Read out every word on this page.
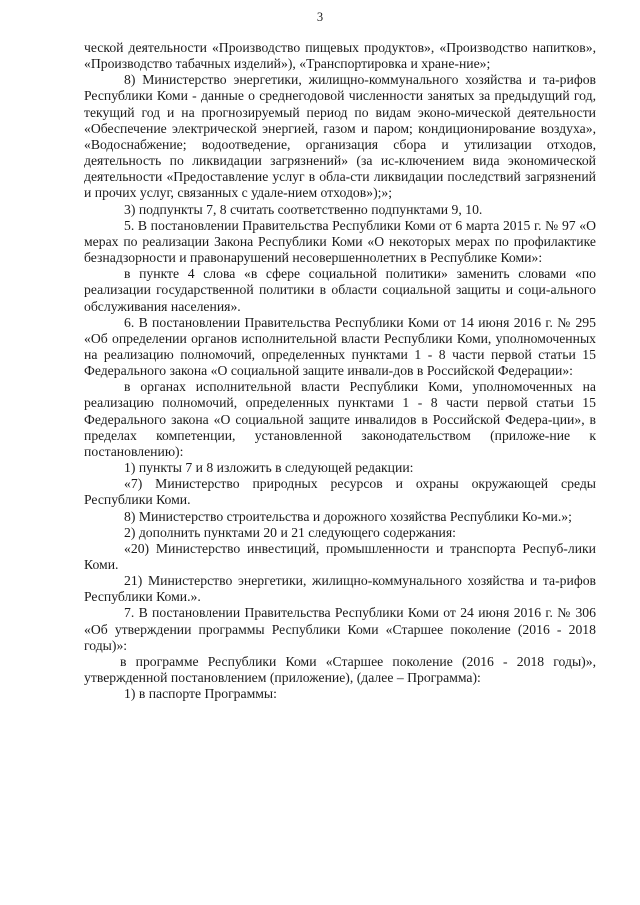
3

ческой деятельности «Производство пищевых продуктов», «Производство напитков», «Производство табачных изделий»), «Транспортировка и хране-ние»;

8) Министерство энергетики, жилищно-коммунального хозяйства и та-рифов Республики Коми - данные о среднегодовой численности занятых за предыдущий год, текущий год и на прогнозируемый период по видам эконо-мической деятельности «Обеспечение электрической энергией, газом и паром; кондиционирование воздуха», «Водоснабжение; водоотведение, организация сбора и утилизации отходов, деятельность по ликвидации загрязнений» (за ис-ключением вида экономической деятельности «Предоставление услуг в обла-сти ликвидации последствий загрязнений и прочих услуг, связанных с удале-нием отходов»);»;

3) подпункты 7, 8 считать соответственно подпунктами 9, 10.

5. В постановлении Правительства Республики Коми от 6 марта 2015 г. № 97 «О мерах по реализации Закона Республики Коми «О некоторых мерах по профилактике безнадзорности и правонарушений несовершеннолетних в Республике Коми»:

в пункте 4 слова «в сфере социальной политики» заменить словами «по реализации государственной политики в области социальной защиты и соци-ального обслуживания населения».

6. В постановлении Правительства Республики Коми от 14 июня 2016 г. № 295 «Об определении органов исполнительной власти Республики Коми, уполномоченных на реализацию полномочий, определенных пунктами 1 - 8 части первой статьи 15 Федерального закона «О социальной защите инвали-дов в Российской Федерации»:

в органах исполнительной власти Республики Коми, уполномоченных на реализацию полномочий, определенных пунктами 1 - 8 части первой статьи 15 Федерального закона «О социальной защите инвалидов в Российской Федера-ции», в пределах компетенции, установленной законодательством (приложе-ние к постановлению):

1) пункты 7 и 8 изложить в следующей редакции:

«7) Министерство природных ресурсов и охраны окружающей среды Республики Коми.

8) Министерство строительства и дорожного хозяйства Республики Ко-ми.»;

2) дополнить пунктами 20 и 21 следующего содержания:

«20) Министерство инвестиций, промышленности и транспорта Респуб-лики Коми.

21) Министерство энергетики, жилищно-коммунального хозяйства и та-рифов Республики Коми.».

7. В постановлении Правительства Республики Коми от 24 июня 2016 г. № 306 «Об утверждении программы Республики Коми «Старшее поколение (2016 - 2018 годы)»:

в программе Республики Коми «Старшее поколение (2016 - 2018 годы)», утвержденной постановлением (приложение), (далее – Программа):

1) в паспорте Программы:
